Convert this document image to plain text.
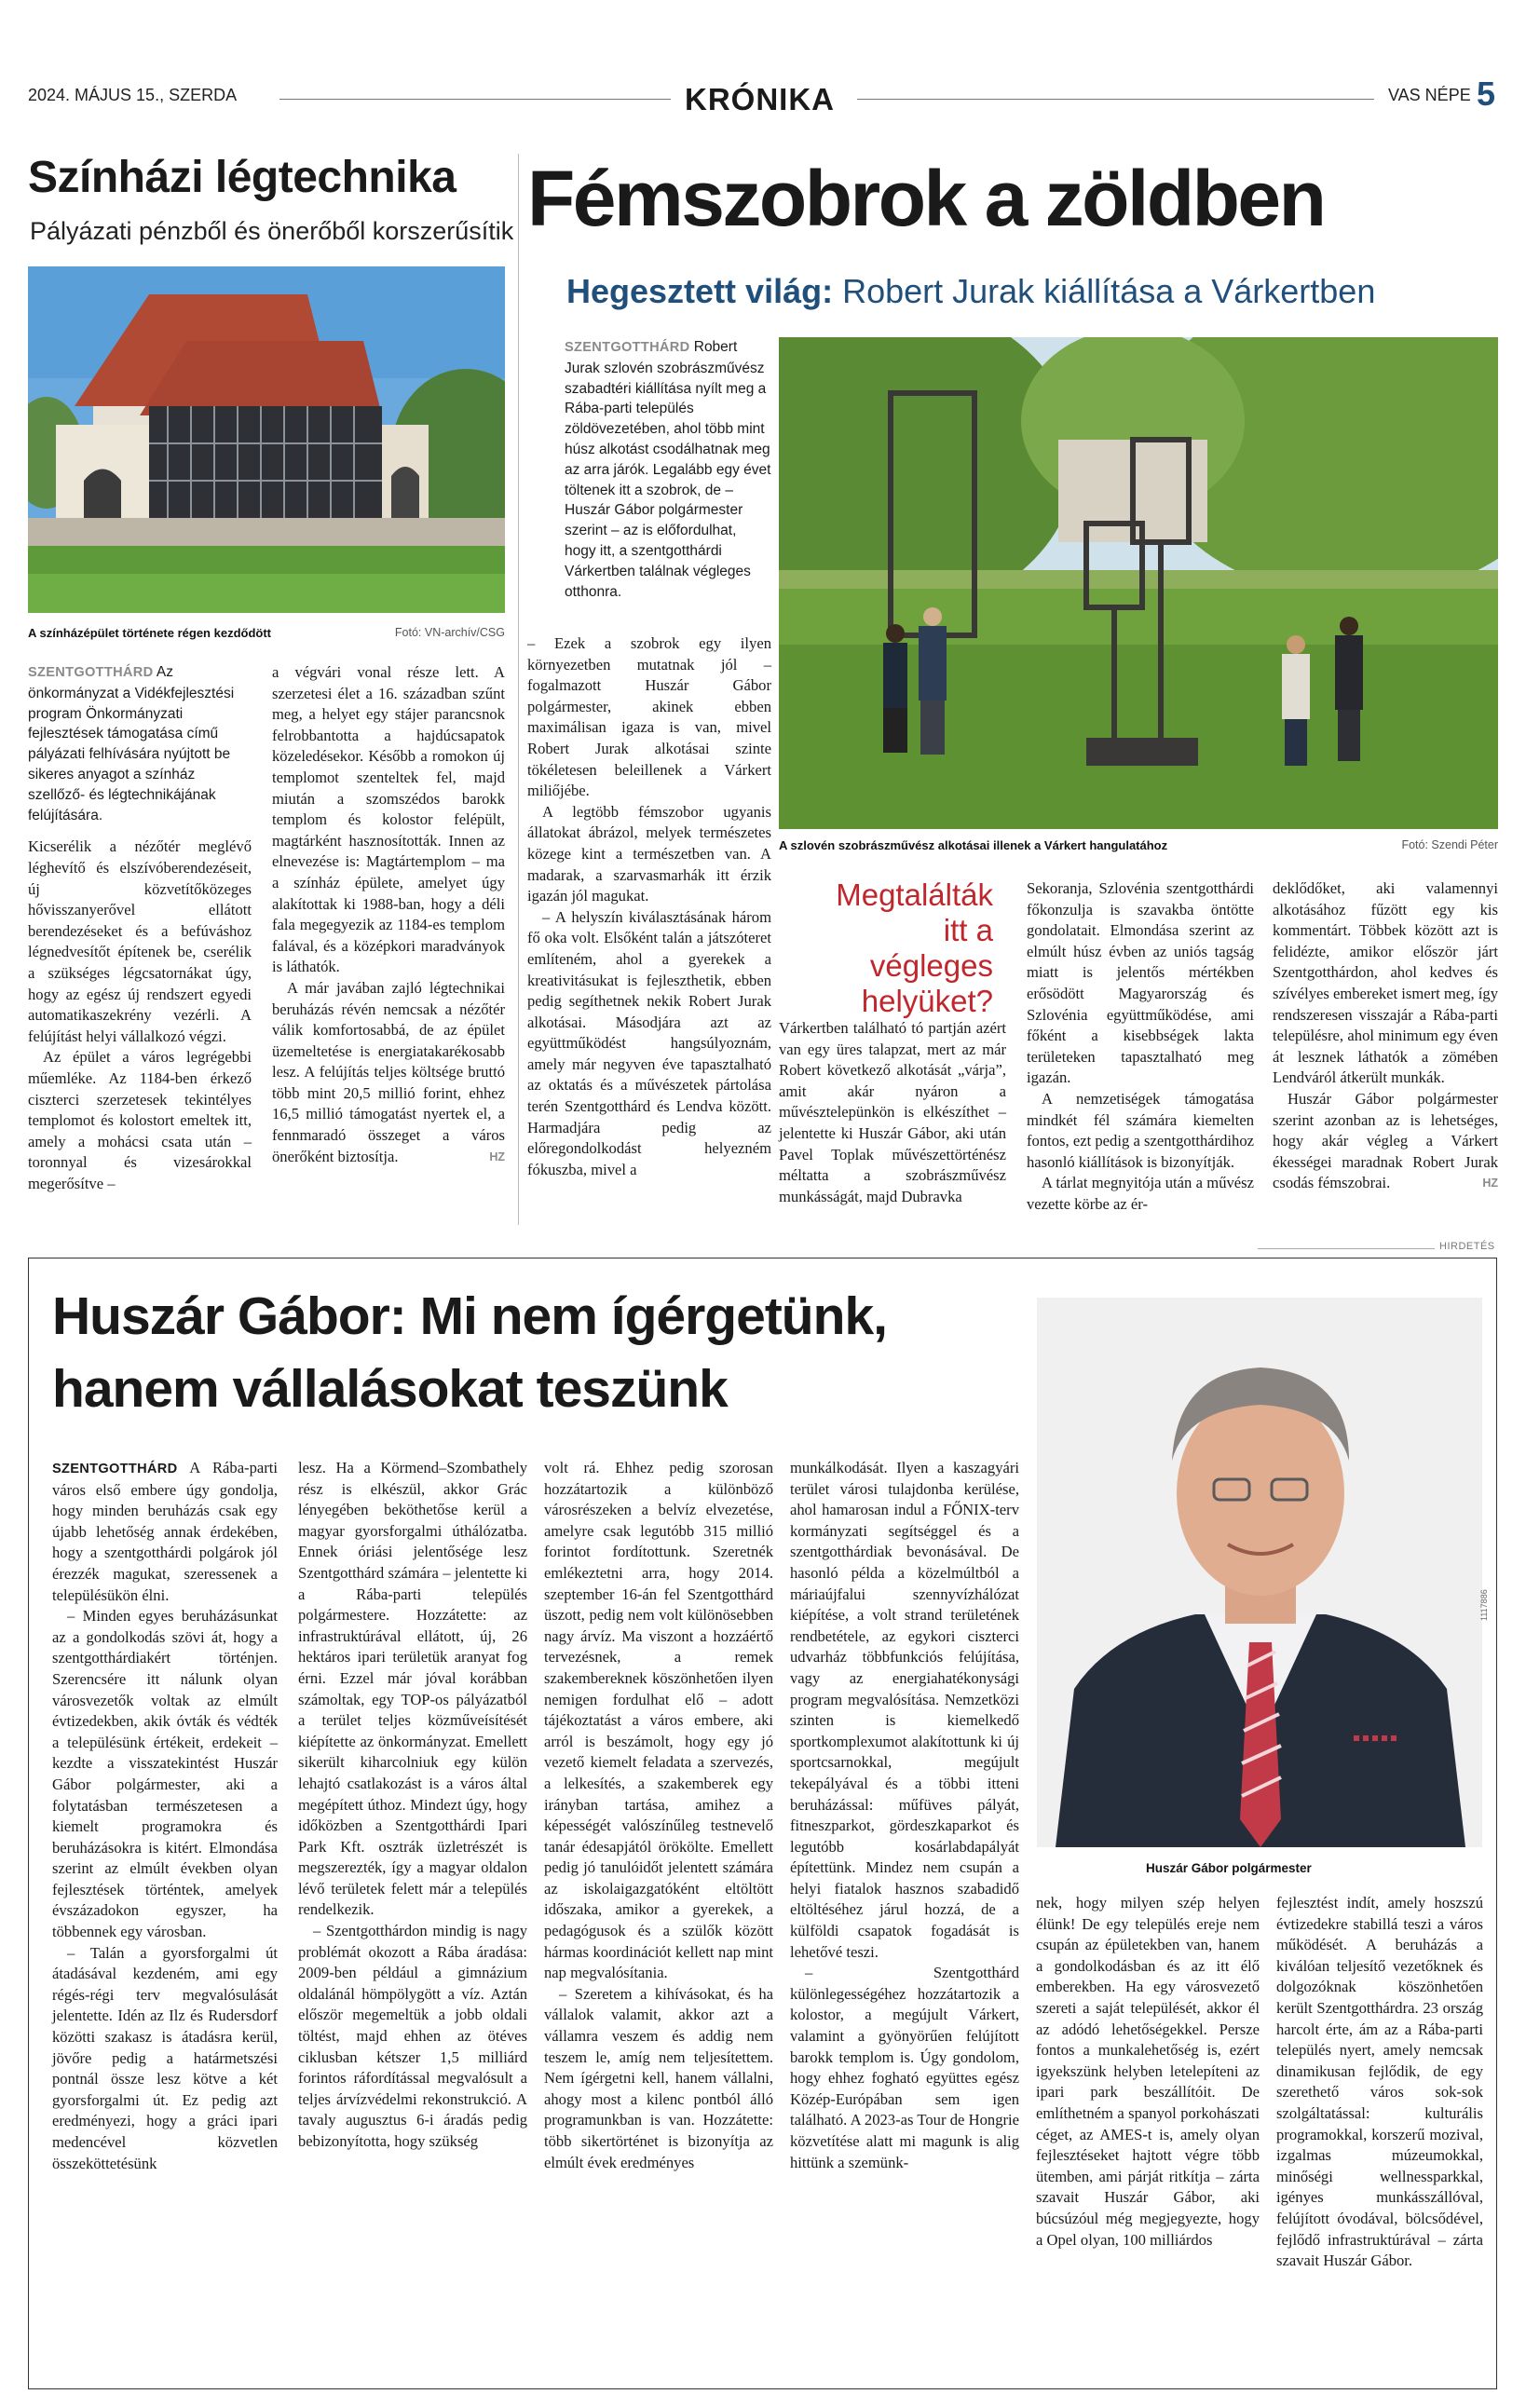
2024. MÁJUS 15., SZERDA	KRÓNIKA	VAS NÉPE 5
Színházi légtechnika
Pályázati pénzből és önerőből korszerűsítik
A színházépület története régen kezdődött	Fotó: VN-archív/CSG

SZENTGOTTHÁRD Az önkormányzat a Vidékfejlesztési program Önkormányzati fejlesztések támogatása című pályázati felhívására nyújtott be sikeres anyagot a színház szellőző- és légtechnikájának felújítására.

Kicserélik a nézőtér meglévő léghevítő és elszívóberendezéseit, új közvetítőközeges hővisszanyerővel ellátott berendezéseket és a befúváshoz légnedvesítőt építenek be, cserélik a szükséges légcsatornákat úgy, hogy az egész új rendszert egyedi automatikaszekrény vezérli. A felújítást helyi vállalkozó végzi.

Az épület a város legrégebbi műemléke. Az 1184-ben érkező ciszterci szerzetesek tekintélyes templomot és kolostort emeltek itt, amely a mohácsi csata után – toronnyal és vizesárokkal megerősítve –

a végvári vonal része lett. A szerzetesi élet a 16. században szűnt meg, a helyet egy stájer parancsnok felrobbantotta a hajdúcsapatok közeledésekor. Később a romokon új templomot szenteltek fel, majd miután a szomszédos barokk templom és kolostor felépült, magtárként hasznosították. Innen az elnevezése is: Magtártemplom – ma a színház épülete, amelyet úgy alakítottak ki 1988-ban, hogy a déli fala megegyezik az 1184-es templom falával, és a középkori maradványok is láthatók.

A már javában zajló légtechnikai beruházás révén nemcsak a nézőtér válik komfortosabbá, de az épület üzemeltetése is energiatakarékosabb lesz. A felújítás teljes költsége bruttó több mint 20,5 millió forint, ehhez 16,5 millió támogatást nyertek el, a fennmaradó összeget a város önerőként biztosítja.	HZ

Fémszobrok a zöldben
Hegesztett világ: Robert Jurak kiállítása a Várkertben

SZENTGOTTHÁRD Robert Jurak szlovén szobrászművész szabadtéri kiállítása nyílt meg a Rába-parti település zöldövezetében, ahol több mint húsz alkotást csodálhatnak meg az arra járók. Legalább egy évet töltenek itt a szobrok, de – Huszár Gábor polgármester szerint – az is előfordulhat, hogy itt, a szentgotthárdi Várkertben találnak végleges otthonra.

– Ezek a szobrok egy ilyen környezetben mutatnak jól – fogalmazott Huszár Gábor polgármester, akinek ebben maximálisan igaza is van, mivel Robert Jurak alkotásai szinte tökéletesen beleillenek a Várkert miliőjébe.

A legtöbb fémszobor ugyanis állatokat ábrázol, melyek természetes közege kint a természetben van. A madarak, a szarvasmarhák itt érzik igazán jól magukat.

– A helyszín kiválasztásának három fő oka volt. Elsőként talán a játszóteret említeném, ahol a gyerekek a kreativitásukat is fejleszthetik, ebben pedig segíthetnek nekik Robert Jurak alkotásai. Másodjára azt az együttműködést hangsúlyoznám, amely már negyven éve tapasztalható az oktatás és a művészetek pártolása terén Szentgotthárd és Lendva között. Harmadjára pedig az előregondolkodást helyezném fókuszba, mivel a

A szlovén szobrászművész alkotásai illenek a Várkert hangulatához	Fotó: Szendi Péter
Megtalálták itt a végleges helyüket?

Várkertben található tó partján azért van egy üres talapzat, mert az már Robert következő alkotását „várja”, amit akár nyáron a művésztelepünkön is elkészíthet – jelentette ki Huszár Gábor, aki után Pavel Toplak művészettörténész méltatta a szobrászművész munkásságát, majd Dubravka

Sekoranja, Szlovénia szentgotthárdi főkonzulja is szavakba öntötte gondolatait. Elmondása szerint az elmúlt húsz évben az uniós tagság miatt is jelentős mértékben erősödött Magyarország és Szlovénia együttműködése, ami főként a kisebbségek lakta területeken tapasztalható meg igazán.

A nemzetiségek támogatása mindkét fél számára kiemelten fontos, ezt pedig a szentgotthárdihoz hasonló kiállítások is bizonyítják.

A tárlat megnyitója után a művész vezette körbe az ér-

deklődőket, aki valamennyi alkotásához fűzött egy kis kommentárt. Többek között azt is felidézte, amikor először járt Szentgotthárdon, ahol kedves és szívélyes embereket ismert meg, így rendszeresen visszajár a Rába-parti településre, ahol minimum egy éven át lesznek láthatók a zömében Lendváról átkerült munkák.

Huszár Gábor polgármester szerint azonban az is lehetséges, hogy akár végleg a Várkert ékességei maradnak Robert Jurak csodás fémszobrai.	HZ

HIRDETÉS
Huszár Gábor: Mi nem ígérgetünk,
hanem vállalásokat teszünk
1117886
Huszár Gábor polgármester

SZENTGOTTHÁRD A Rába-parti város első embere úgy gondolja, hogy minden beruházás csak egy újabb lehetőség annak érdekében, hogy a szentgotthárdi polgárok jól érezzék magukat, szeressenek a településükön élni.

– Minden egyes beruházásunkat az a gondolkodás szövi át, hogy a szentgotthárdiakért történjen. Szerencsére itt nálunk olyan városvezetők voltak az elmúlt évtizedekben, akik óvták és védték a településünk értékeit, erdekeit – kezdte a visszatekintést Huszár Gábor polgármester, aki a folytatásban természetesen a kiemelt programokra és beruházásokra is kitért. Elmondása szerint az elmúlt években olyan fejlesztések történtek, amelyek évszázadokon egyszer, ha többennek egy városban.

– Talán a gyorsforgalmi út átadásával kezdeném, ami egy régés-régi terv megvalósulását jelentette. Idén az Ilz és Rudersdorf közötti szakasz is átadásra kerül, jövőre pedig a határmetszési pontnál össze lesz kötve a két gyorsforgalmi út. Ez pedig azt eredményezi, hogy a gráci ipari medencével közvetlen összeköttetésünk

lesz. Ha a Körmend–Szombathely rész is elkészül, akkor Grác lényegében beköthetőse kerül a magyar gyorsforgalmi úthálózatba. Ennek óriási jelentősége lesz Szentgotthárd számára – jelentette ki a Rába-parti település polgármestere. Hozzátette: az infrastruktúrával ellátott, új, 26 hektáros ipari területük aranyat fog érni. Ezzel már jóval korábban számoltak, egy TOP-os pályázatból a terület teljes közműveísítését kiépítette az önkormányzat. Emellett sikerült kiharcolniuk egy külön lehajtó csatlakozást is a város által megépített úthoz. Mindezt úgy, hogy időközben a Szentgotthárdi Ipari Park Kft. osztrák üzletrészét is megszerezték, így a magyar oldalon lévő területek felett már a település rendelkezik.

– Szentgotthárdon mindig is nagy problémát okozott a Rába áradása: 2009-ben például a gimnázium oldalánál hömpölygött a víz. Aztán először megemeltük a jobb oldali töltést, majd ehhen az ötéves ciklusban kétszer 1,5 milliárd forintos ráfordítással megvalósult a teljes árvízvédelmi rekonstrukció. A tavaly augusztus 6-i áradás pedig bebizonyította, hogy szükség

volt rá. Ehhez pedig szorosan hozzátartozik a különböző városrészeken a belvíz elvezetése, amelyre csak legutóbb 315 millió forintot fordítottunk. Szeretnék emlékeztetni arra, hogy 2014. szeptember 16-án fel Szentgotthárd üszott, pedig nem volt különösebben nagy árvíz. Ma viszont a hozzáértő tervezésnek, a remek szakembereknek köszönhetően ilyen nemigen fordulhat elő – adott tájékoztatást a város embere, aki arról is beszámolt, hogy egy jó vezető kiemelt feladata a szervezés, a lelkesítés, a szakemberek egy irányban tartása, amihez a képességét valószínűleg testnevelő tanár édesapjától örökölte. Emellett pedig jó tanulóidőt jelentett számára az iskolaigazgatóként eltöltött időszaka, amikor a gyerekek, a pedagógusok és a szülők között hármas koordinációt kellett nap mint nap megvalósítania.

– Szeretem a kihívásokat, és ha vállalok valamit, akkor azt a vállamra veszem és addig nem teszem le, amíg nem teljesítettem. Nem ígérgetni kell, hanem vállalni, ahogy most a kilenc pontból álló programunkban is van. Hozzátette: több sikertörténet is bizonyítja az elmúlt évek eredményes

munkálkodását. Ilyen a kaszagyári terület városi tulajdonba kerülése, ahol hamarosan indul a FŐNIX-terv kormányzati segítséggel és a szentgotthárdiak bevonásával. De hasonló példa a közelmúltból a máriaújfalui szennyvízhálózat kiépítése, a volt strand területének rendbetétele, az egykori ciszterci udvarház többfunkciós felújítása, vagy az energiahatékonysági program megvalósítása. Nemzetközi szinten is kiemelkedő sportkomplexumot alakítottunk ki új sportcsarnokkal, megújult tekepályával és a többi itteni beruházással: műfüves pályát, fitneszparkot, gördeszkaparkot és legutóbb kosárlabdapályát építettünk. Mindez nem csupán a helyi fiatalok hasznos szabadidő eltöltéséhez járul hozzá, de a külföldi csapatok fogadását is lehetővé teszi.

– Szentgotthárd különlegességéhez hozzátartozik a kolostor, a megújult Várkert, valamint a gyönyörűen felújított barokk templom is. Úgy gondolom, hogy ehhez fogható együttes egész Közép-Európában sem igen található. A 2023-as Tour de Hongrie közvetítése alatt mi magunk is alig hittünk a szemünk-

nek, hogy milyen szép helyen élünk! De egy település ereje nem csupán az épületekben van, hanem a gondolkodásban és az itt élő emberekben. Ha egy városvezető szereti a saját települését, akkor él az adódó lehetőségekkel. Persze fontos a munkalehetőség is, ezért igyekszünk helyben letelepíteni az ipari park beszállítóit. De említhetném a spanyol porkohászati céget, az AMES-t is, amely olyan fejlesztéseket hajtott végre több ütemben, ami párját ritkítja – zárta szavait Huszár Gábor, aki búcsúzóul még megjegyezte, hogy a Opel olyan, 100 milliárdos

fejlesztést indít, amely hoszszú évtizedekre stabillá teszi a város működését. A beruházás a kiválóan teljesítő vezetőknek és dolgozóknak köszönhetően került Szentgotthárdra. 23 ország harcolt érte, ám az a Rába-parti település nyert, amely nemcsak dinamikusan fejlődik, de egy szerethető város sok-sok szolgáltatással: kulturális programokkal, korszerű mozival, izgalmas múzeumokkal, minőségi wellnessparkkal, igényes munkásszállóval, felújított óvodával, bölcsődével, fejlődő infrastruktúrával – zárta szavait Huszár Gábor.
